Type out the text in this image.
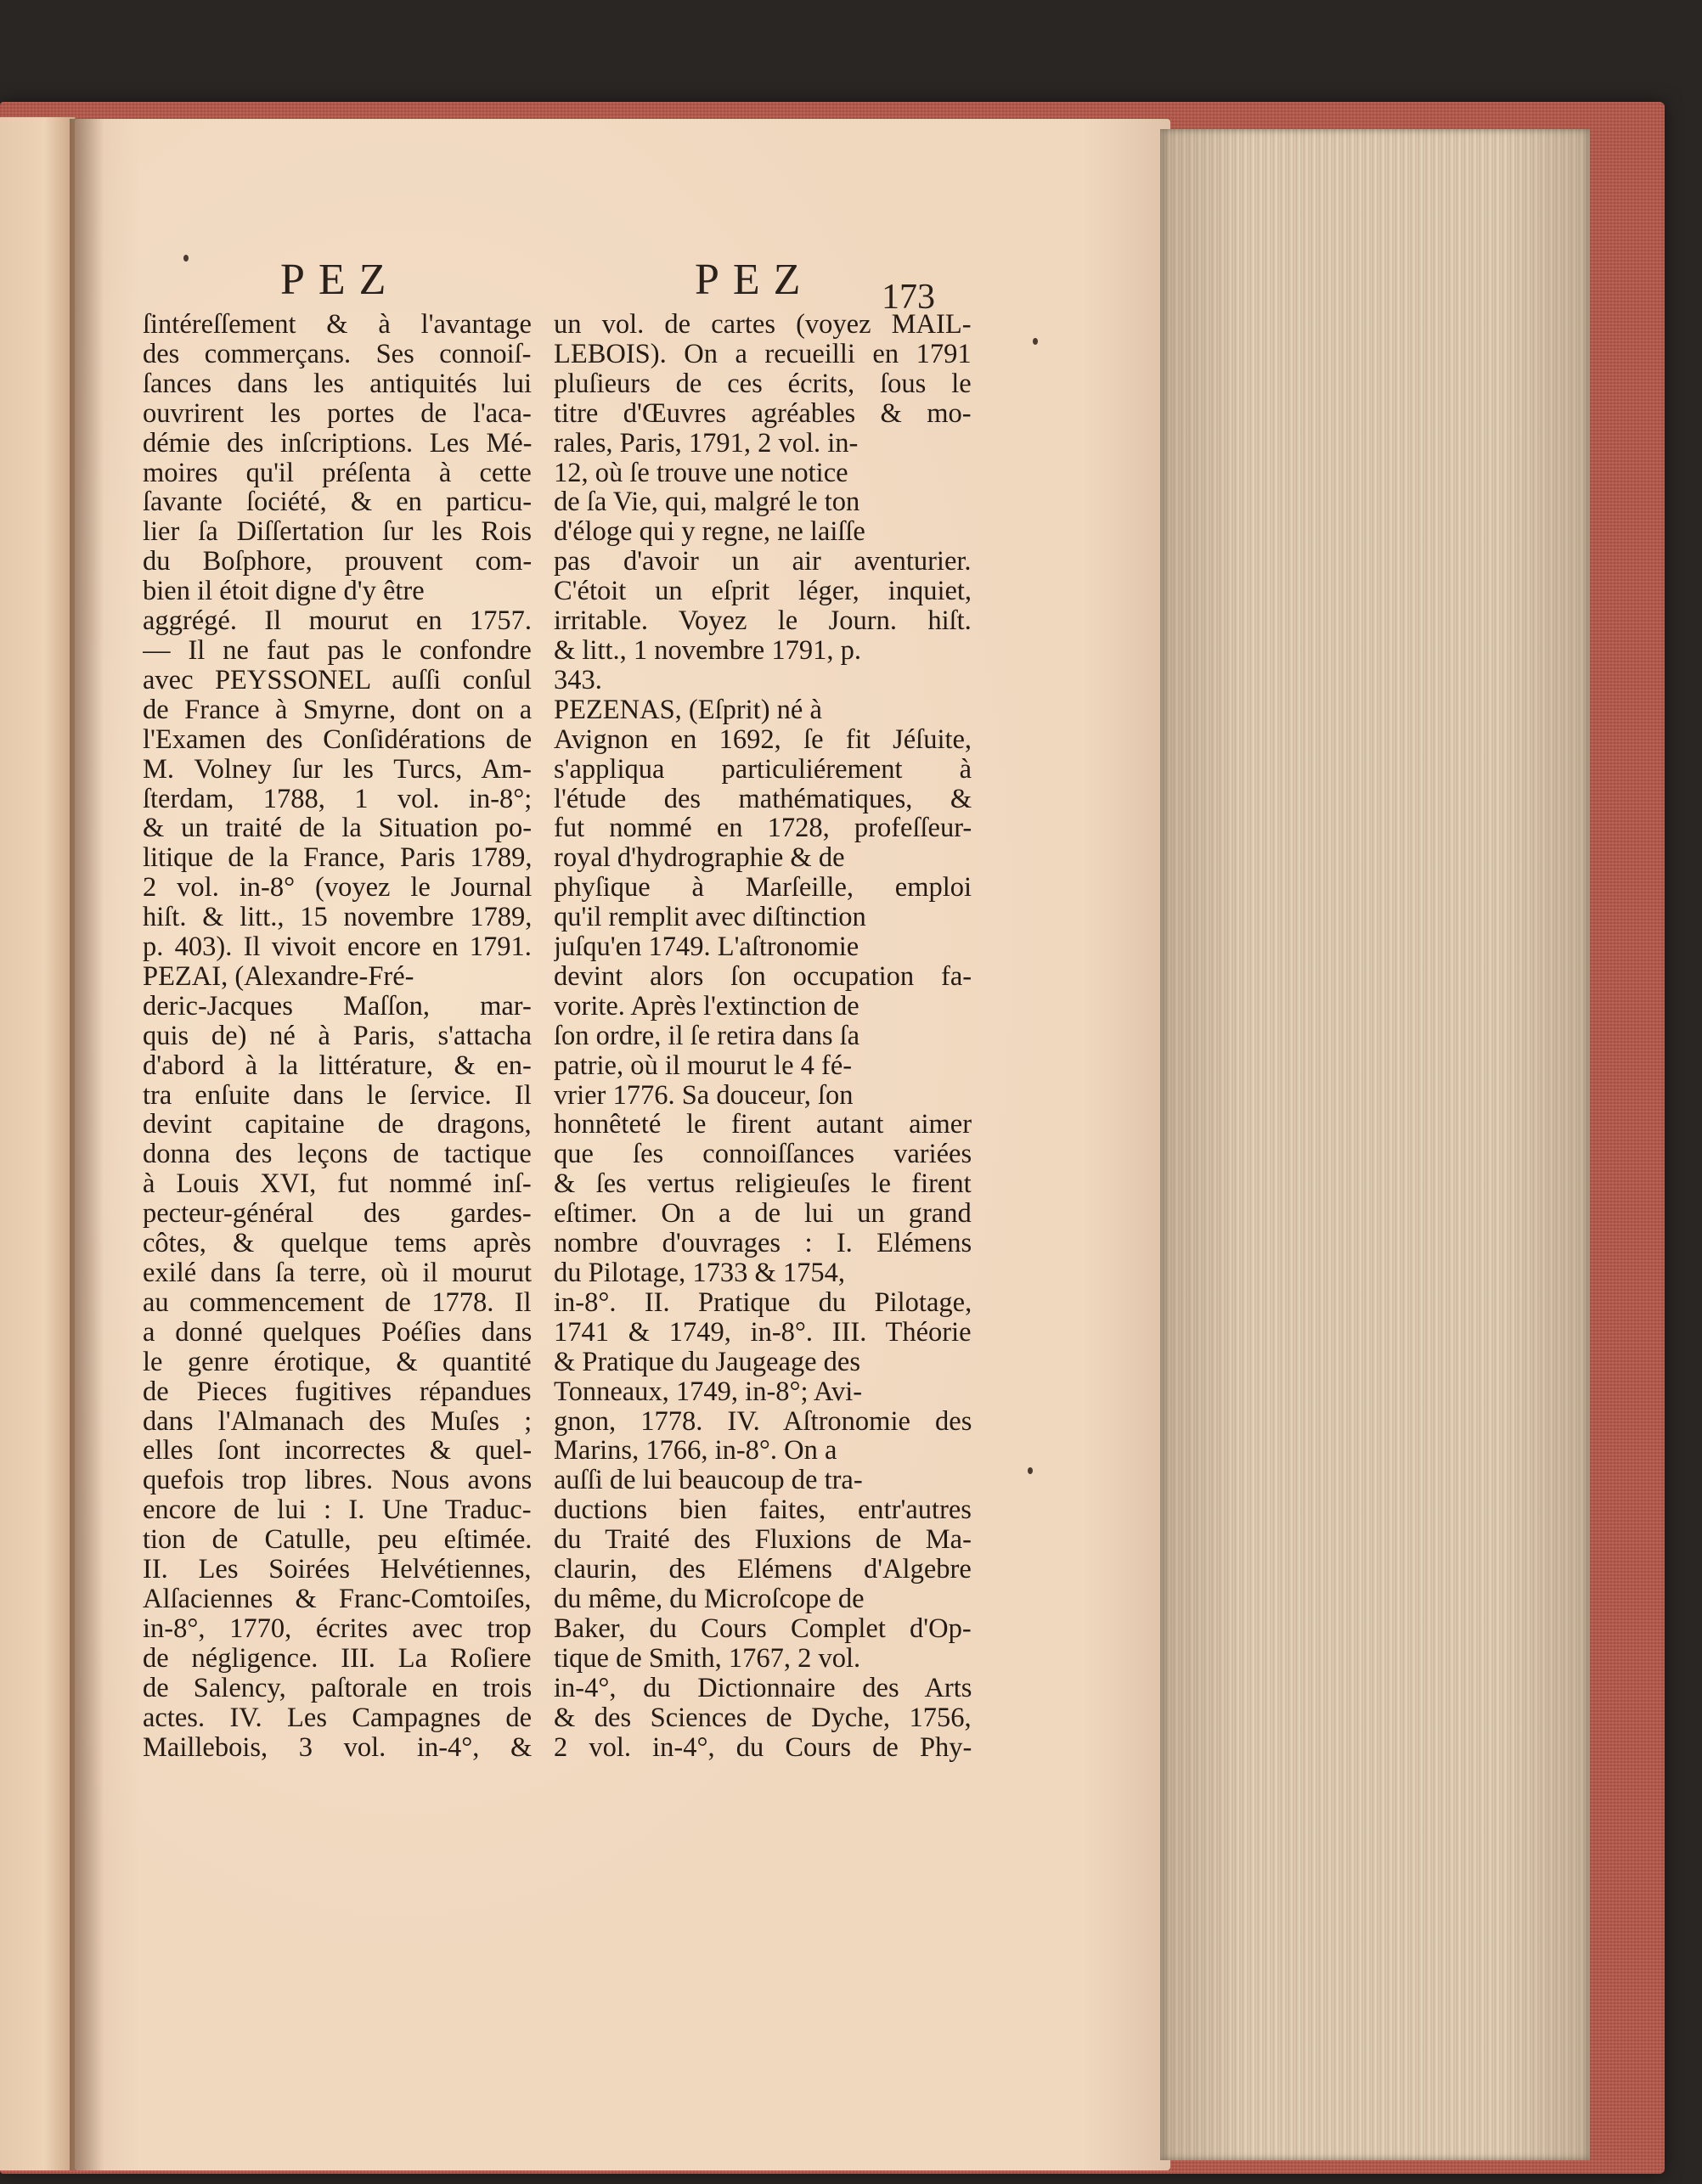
PEZ	PEZ 173
ſintéreſſement & à l'avantage
des commerçans. Ses connoiſ-
ſances dans les antiquités lui
ouvrirent les portes de l'aca-
démie des inſcriptions. Les Mé-
moires qu'il préſenta à cette
ſavante ſociété, & en particu-
lier ſa Diſſertation ſur les Rois
du Boſphore, prouvent com-
bien il étoit digne d'y être
aggrégé. Il mourut en 1757.
— Il ne faut pas le confondre
avec PEYSSONEL auſſi conſul
de France à Smyrne, dont on a
l'Examen des Conſidérations de
M. Volney ſur les Turcs, Am-
ſterdam, 1788, 1 vol. in-8°;
& un traité de la Situation po-
litique de la France, Paris 1789,
2 vol. in-8° (voyez le Journal
hiſt. & litt., 15 novembre 1789,
p. 403). Il vivoit encore en 1791.
PEZAI, (Alexandre-Fré-
deric-Jacques Maſſon, mar-
quis de) né à Paris, s'attacha
d'abord à la littérature, & en-
tra enſuite dans le ſervice. Il
devint capitaine de dragons,
donna des leçons de tactique
à Louis XVI, fut nommé inſ-
pecteur-général des gardes-
côtes, & quelque tems après
exilé dans ſa terre, où il mourut
au commencement de 1778. Il
a donné quelques Poéſies dans
le genre érotique, & quantité
de Pieces fugitives répandues
dans l'Almanach des Muſes ;
elles ſont incorrectes & quel-
quefois trop libres. Nous avons
encore de lui : I. Une Traduc-
tion de Catulle, peu eſtimée.
II. Les Soirées Helvétiennes,
Alſaciennes & Franc-Comtoiſes,
in-8°, 1770, écrites avec trop
de négligence. III. La Roſiere
de Salency, paſtorale en trois
actes. IV. Les Campagnes de
Maillebois, 3 vol. in-4°, &
un vol. de cartes (voyez MAIL-
LEBOIS). On a recueilli en 1791
pluſieurs de ces écrits, ſous le
titre d'Œuvres agréables & mo-
rales, Paris, 1791, 2 vol. in-
12, où ſe trouve une notice
de ſa Vie, qui, malgré le ton
d'éloge qui y regne, ne laiſſe
pas d'avoir un air aventurier.
C'étoit un eſprit léger, inquiet,
irritable. Voyez le Journ. hiſt.
& litt., 1 novembre 1791, p.
343.
PEZENAS, (Eſprit) né à
Avignon en 1692, ſe fit Jéſuite,
s'appliqua particuliérement à
l'étude des mathématiques, &
fut nommé en 1728, profeſſeur-
royal d'hydrographie & de
phyſique à Marſeille, emploi
qu'il remplit avec diſtinction
juſqu'en 1749. L'aſtronomie
devint alors ſon occupation fa-
vorite. Après l'extinction de
ſon ordre, il ſe retira dans ſa
patrie, où il mourut le 4 fé-
vrier 1776. Sa douceur, ſon
honnêteté le firent autant aimer
que ſes connoiſſances variées
& ſes vertus religieuſes le firent
eſtimer. On a de lui un grand
nombre d'ouvrages : I. Elémens
du Pilotage, 1733 & 1754,
in-8°. II. Pratique du Pilotage,
1741 & 1749, in-8°. III. Théorie
& Pratique du Jaugeage des
Tonneaux, 1749, in-8°; Avi-
gnon, 1778. IV. Aſtronomie des
Marins, 1766, in-8°. On a
auſſi de lui beaucoup de tra-
ductions bien faites, entr'autres
du Traité des Fluxions de Ma-
claurin, des Elémens d'Algebre
du même, du Microſcope de
Baker, du Cours Complet d'Op-
tique de Smith, 1767, 2 vol.
in-4°, du Dictionnaire des Arts
& des Sciences de Dyche, 1756,
2 vol. in-4°, du Cours de Phy-
